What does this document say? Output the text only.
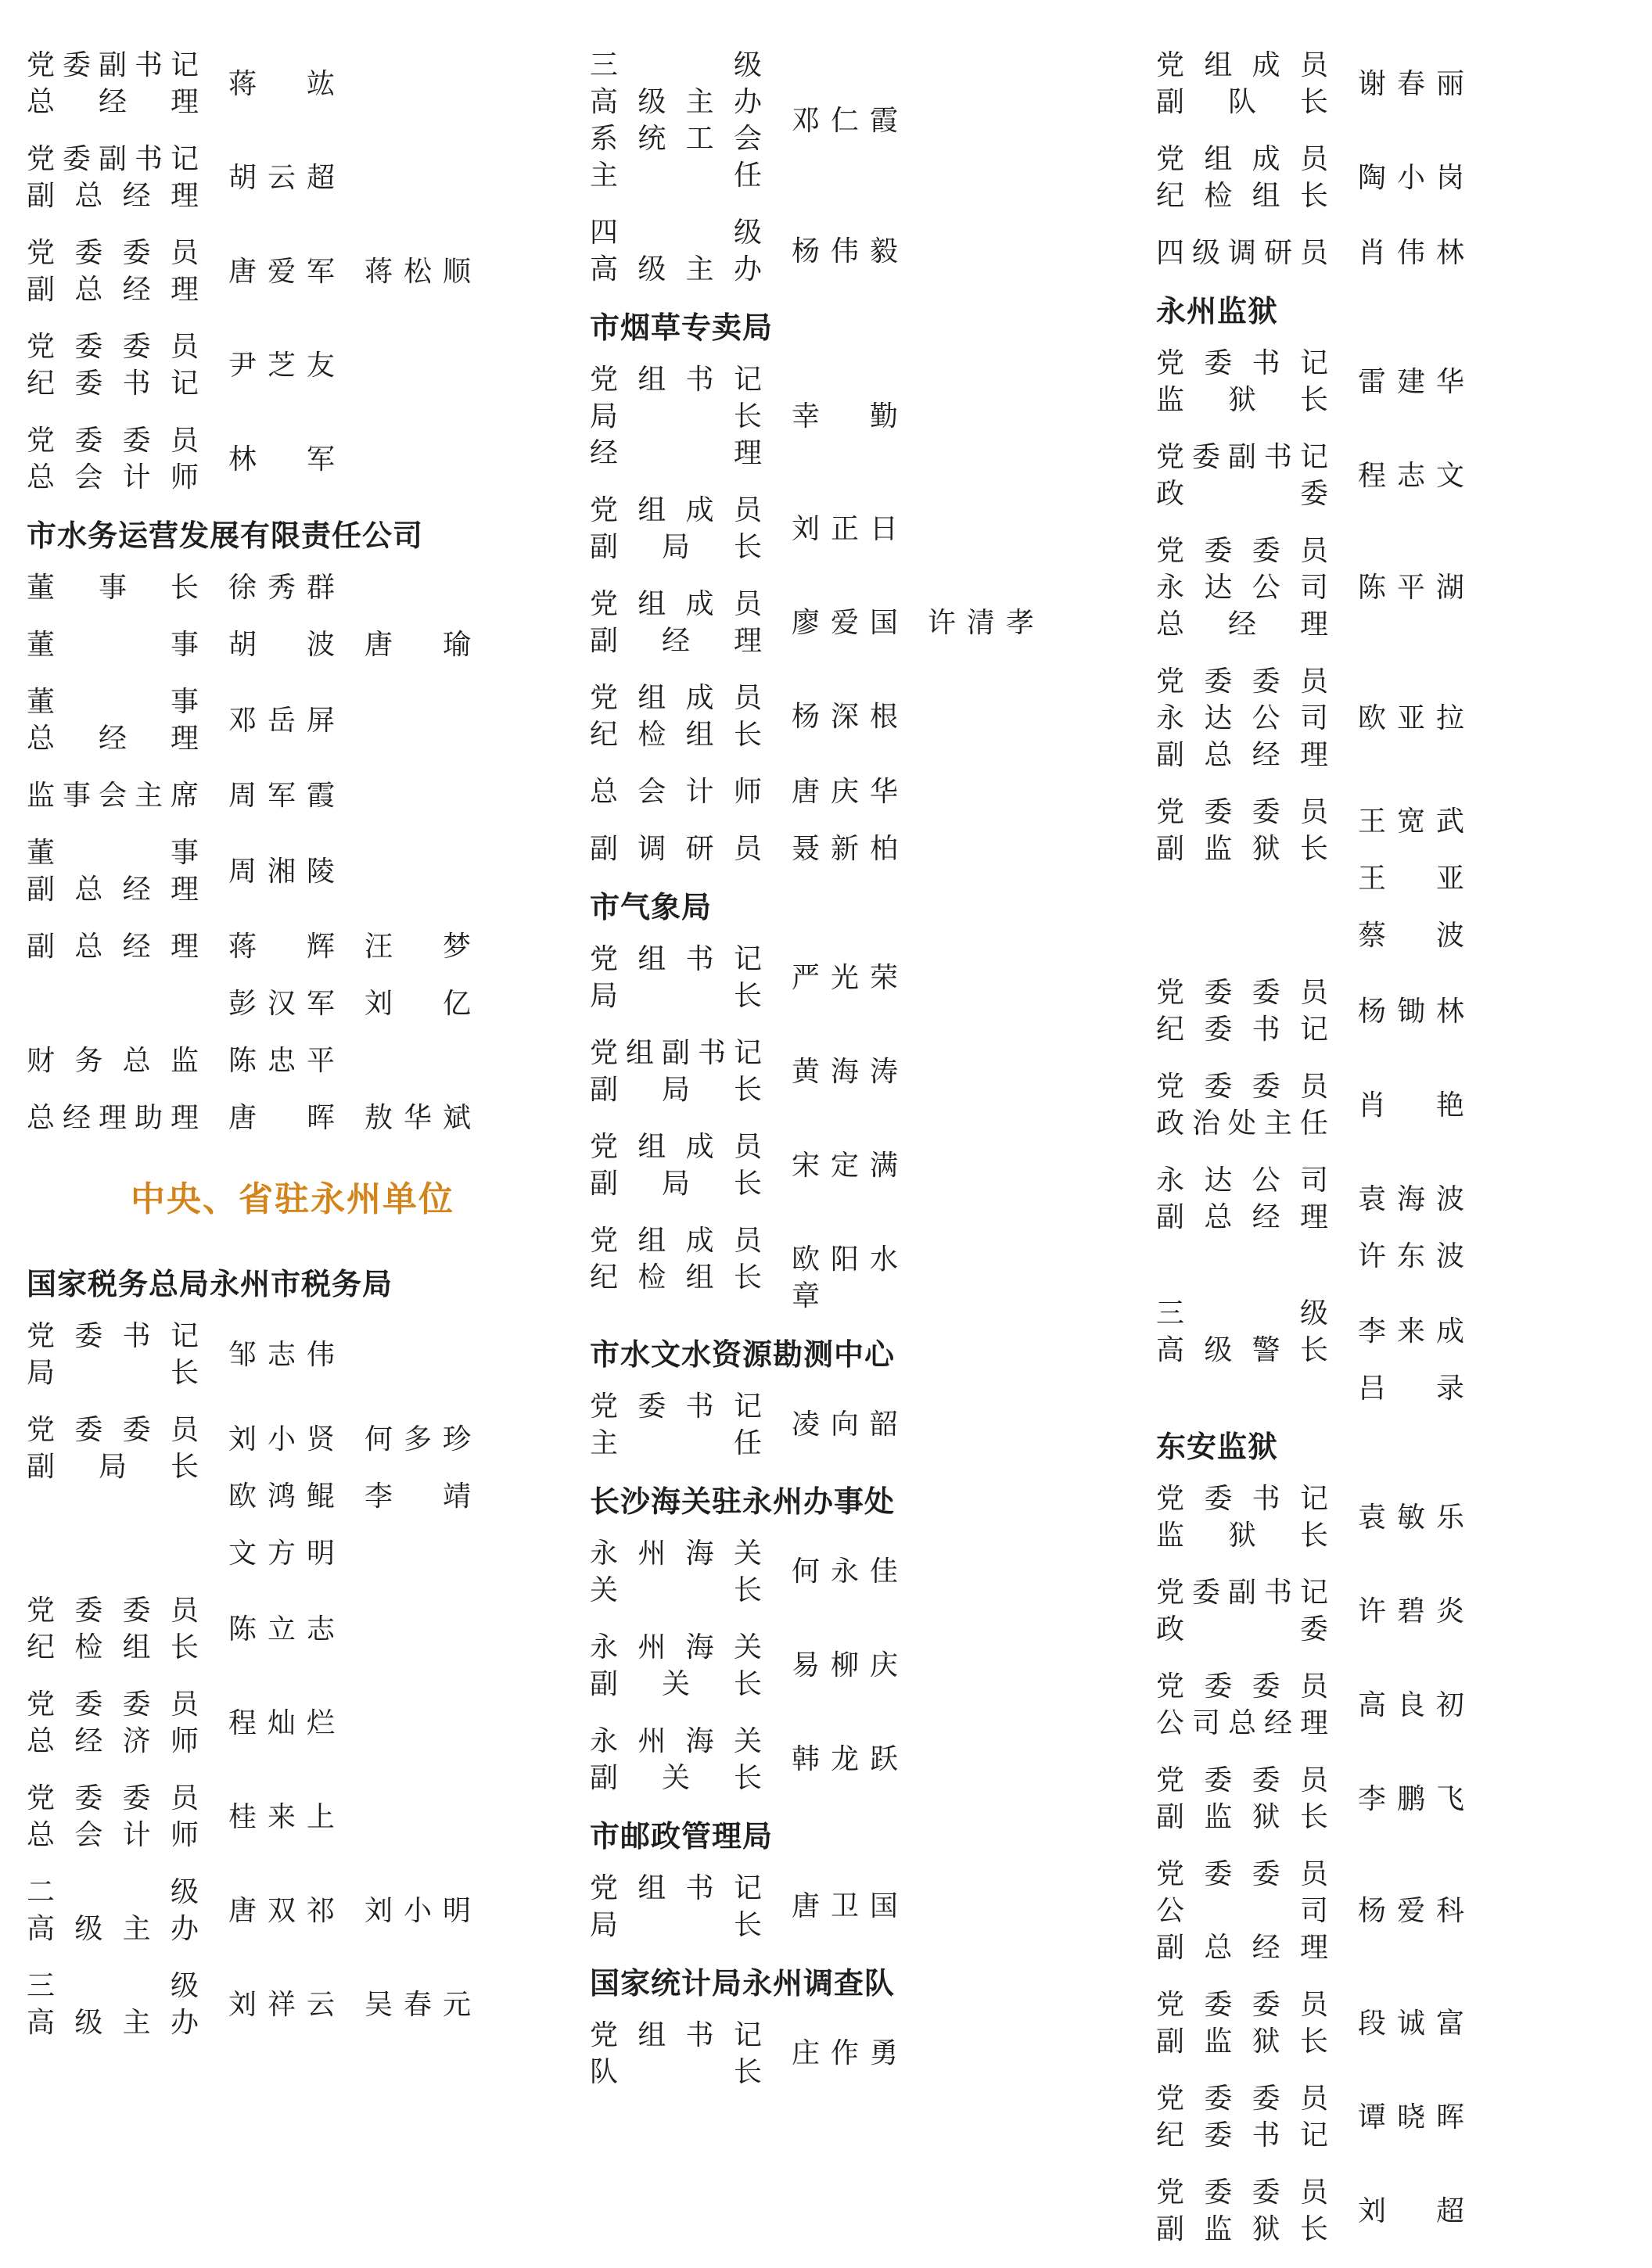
党委副书记
总　经　理
蒋　竑
党委副书记
副 总 经 理
胡云超
党 委 委 员
副 总 经 理
唐爱军 蒋松顺
党 委 委 员
纪 委 书 记
尹芝友
党 委 委 员
总 会 计 师
林　军
市水务运营发展有限责任公司
董　事　长 徐秀群
董　　　事 胡　波 唐　瑜
董　　　事
总　经　理
邓岳屏
监事会主席 周军霞
董　　　事
副 总 经 理
周湘陵
副 总 经 理 蒋　辉 汪　梦
彭汉军 刘　亿
财 务 总 监 陈忠平
总经理助理 唐　晖 敖华斌
中央、省驻永州单位
国家税务总局永州市税务局
党 委 书 记
局　　　长
邹志伟
党 委 委 员
副　局　长
刘小贤 何多珍
欧鸿鲲 李　靖
文方明
党 委 委 员
纪 检 组 长
陈立志
党 委 委 员
总 经 济 师
程灿烂
党 委 委 员
总 会 计 师
桂来上
二　　　级
高 级 主 办
唐双祁 刘小明
三　　　级
高 级 主 办
刘祥云 吴春元
三　　　级
高 级 主 办
系 统 工 会
主　　　任
邓仁霞
四　　　级
高 级 主 办
杨伟毅
市烟草专卖局
党 组 书 记
局　　　长
经　　　理
幸　勤
党 组 成 员
副　局　长
刘正日
党 组 成 员
副　经　理
廖爱国 许清孝
党 组 成 员
纪 检 组 长
杨深根
总 会 计 师 唐庆华
副 调 研 员 聂新柏
市气象局
党 组 书 记
局　　　长
严光荣
党组副书记
副　局　长
黄海涛
党 组 成 员
副　局　长
宋定满
党 组 成 员
纪 检 组 长
欧阳水章
市水文水资源勘测中心
党 委 书 记
主　　　任
凌向韶
长沙海关驻永州办事处
永 州 海 关
关　　　长
何永佳
永 州 海 关
副　关　长
易柳庆
永 州 海 关
副　关　长
韩龙跃
市邮政管理局
党 组 书 记
局　　　长
唐卫国
国家统计局永州调查队
党 组 书 记
队　　　长
庄作勇
党 组 成 员
副　队　长
谢春丽
党 组 成 员
纪 检 组 长
陶小岗
四级调研员 肖伟林
永州监狱
党 委 书 记
监　狱　长
雷建华
党委副书记
政　　　委
程志文
党 委 委 员
永 达 公 司
总　经　理
陈平湖
党 委 委 员
永 达 公 司
副 总 经 理
欧亚拉
党 委 委 员
副 监 狱 长
王宽武
王　亚
蔡　波
党 委 委 员
纪 委 书 记
杨锄林
党 委 委 员
政治处主任
肖　艳
永 达 公 司
副 总 经 理
袁海波
许东波
三　　　级
高 级 警 长
李来成
吕　录
东安监狱
党 委 书 记
监　狱　长
袁敏乐
党委副书记
政　　　委
许碧炎
党 委 委 员
公司总经理
高良初
党 委 委 员
副 监 狱 长
李鹏飞
党 委 委 员
公　　　司
副 总 经 理
杨爱科
党 委 委 员
副 监 狱 长
段诚富
党 委 委 员
纪 委 书 记
谭晓晖
党 委 委 员
副 监 狱 长
刘　超
